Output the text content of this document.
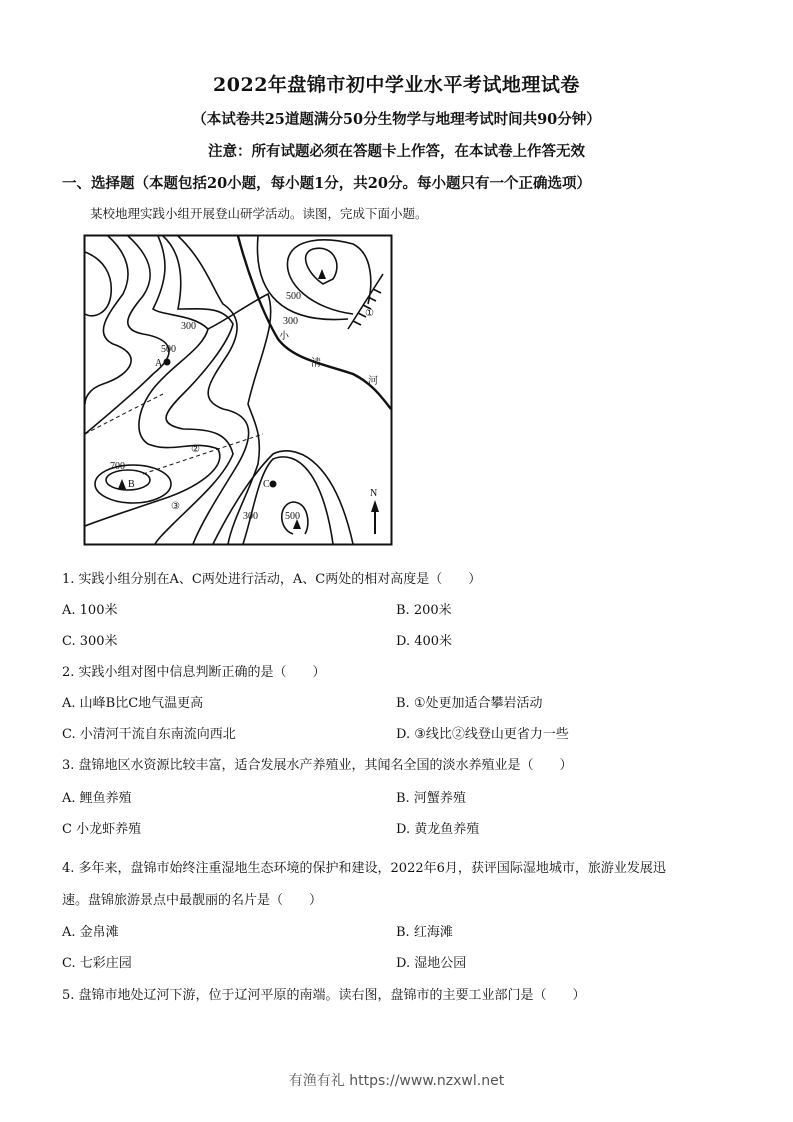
2022年盘锦市初中学业水平考试地理试卷
（本试卷共25道题满分50分生物学与地理考试时间共90分钟）
注意：所有试题必须在答题卡上作答，在本试卷上作答无效
一、选择题（本题包括20小题，每小题1分，共20分。每小题只有一个正确选项）
某校地理实践小组开展登山研学活动。读图，完成下面小题。
300
500
A
500
300
①
700
B
②
③
C
300	500
小
清
河
N
1. 实践小组分别在A、C两处进行活动，A、C两处的相对高度是（　　）
A. 100米	B. 200米
C. 300米	D. 400米
2. 实践小组对图中信息判断正确的是（　　）
A. 山峰B比C地气温更高	B. ①处更加适合攀岩活动
C. 小清河干流自东南流向西北	D. ③线比②线登山更省力一些
3. 盘锦地区水资源比较丰富，适合发展水产养殖业，其闻名全国的淡水养殖业是（　　）
A. 鲤鱼养殖	B. 河蟹养殖
C 小龙虾养殖	D. 黄龙鱼养殖
4. 多年来，盘锦市始终注重湿地生态环境的保护和建设，2022年6月，获评国际湿地城市，旅游业发展迅
速。盘锦旅游景点中最靓丽的名片是（　　）
A. 金帛滩	B. 红海滩
C. 七彩庄园	D. 湿地公园
5. 盘锦市地处辽河下游，位于辽河平原的南端。读右图，盘锦市的主要工业部门是（　　）
有渔有礼 https://www.nzxwl.net
